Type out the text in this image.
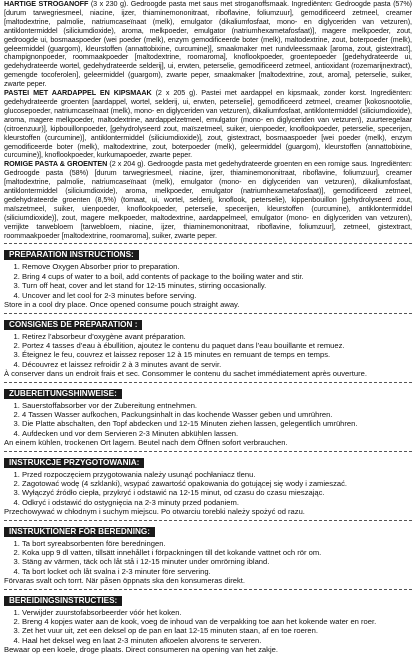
HARTIGE STROGANOFF (3 x 230 g). Gedroogde pasta met saus met stroganoffsmaak. Ingrediënten: Gedroogde pasta (57%) [durum tarwegriesmeel, niacine, ijzer, thiaminemononitraat, riboflavine, foliumzuur], gemodificeerd zetmeel, creamer [maltodextrine, palmolie, natriumcaseïnaat (melk), emulgator (dikaliumfosfaat, mono- en diglyceriden van vetzuren), antiklontermiddel (siliciumdioxide), aroma, melkpoeder, emulgator (natriumhexametafosfaat)], magere melkpoeder, zout, gedroogde ui, bosmaaspoeder (wei poeder (melk), enzym gemodificeerde boter (melk), maltodextrine, zout, boterpoeder (melk), geleermiddel (guargom), kleurstoffen (annattobixine, curcumine)], smaakmaker met rundvleessmaak [aroma, zout, gistextract], champignonpoeder, roommaakpoeder [maltodextrine, roomaroma], knoflookpoeder, groentepoeder [gedehydrateerde ui, gedehydrateerde wortel, gedehydrateerde selderij], ui, erwten, peterselie, gemodificeerd zetmeel, antioxidant (rozemarijnextract), gemengde tocoferolen], geleermiddel (guargom), zwarte peper, smaakmaker [maltodextrine, zout, aroma], peterselie, suiker, zwarte peper.

PASTEI MET AARDAPPEL EN KIPSMAAK (2 x 205 g). Pastei met aardappel en kipsmaak, zonder korst. Ingrediënten: gedehydrateerde groenten [aardappel, wortel, selderij, ui, erwten, peterselie], gemodificeerd zetmeel, creamer [kokosnootolie, glucosepoeder, natriumcaseïnaat (melk), mono- en diglyceriden van vetzuren), dikaliumfosfaat, antiklontermiddel (siliciumdioxide), aroma, magere melkpoeder, maltodextrine, aardappelzetmeel, emulgator (mono- en diglyceriden van vetzuren), zuurteregelaar (citroenzuur)], kipbouillonpoeder, [gehydrolyseerd zout, maïszetmeel, suiker, uienpoeder, knoflookpoeder, peterselie, specerijen, kleurstoffen (curcumine)], antiklontermiddel (siliciumdioxide)], zout, gistextract, bosmaaspoeder [wei poeder (melk), enzym gemodificeerde boter (melk), maltodextrine, zout, boterpoeder (melk), geleermiddel (guargom), kleurstoffen (annattobixine, curcumine)], knoflookpoeder, kurkumapoeder, zwarte peper.

ROMIGE PASTA & GROENTEN (2 x 204 g). Gedroogde pasta met gedehydrateerde groenten en een romige saus. Ingrediënten: Gedroogde pasta (58%) [durum tarwegriesmeel, niacine, ijzer, thiaminemononitraat, riboflavine, foliumzuur], creamer [maltodextrine, palmolie, natriumcaseïnaat (melk), emulgator (mono- en diglyceriden van vetzuren), dikaliumfosfaat, antiklontermiddel (siliciumdioxide), aroma, melkpoeder, emulgator (natriumhexametafosfaat)], gemodificeerd zetmeel, gedehydrateerde groenten (8,5%) (tomaat, ui, wortel, selderij, knoflook, peterselie), kippenbouillon [gehydrolyseerd zout, maïszetmeel, suiker, uienpoeder, knoflookpoeder, peterselie, specerijen, kleurstoffen (curcumine), antiklontermiddel (siliciumdioxide)], zout, magere melkpoeder, maltodextrine, aardappelmeel, emulgator (mono- en diglyceriden van vetzuren), verrijkte tarwebloem [tarwebloem, niacine, ijzer, thiaminemononitraat, riboflavine, foliumzuur], zetmeel, gistextract, roommaakpoeder [maltodextrine, roomaroma], suiker, zwarte peper.

PREPARATION INSTRUCTIONS:
1. Remove Oxygen Absorber prior to preparation.
2. Bring 4 cups of water to a boil, add contents of package to the boiling water and stir.
3. Turn off heat, cover and let stand for 12-15 minutes, stirring occasionally.
4. Uncover and let cool for 2-3 minutes before serving.

Store in a cool dry place. Once opened consume pouch straight away.

CONSIGNES DE PRÉPARATION :
1. Retirez l’absorbeur d’oxygène avant préparation.
2. Portez 4 tasses d’eau à ébullition, ajoutez le contenu du paquet dans l’eau bouillante et remuez.
3. Éteignez le feu, couvrez et laissez reposer 12 à 15 minutes en remuant de temps en temps.
4. Découvrez et laissez refroidir 2 à 3 minutes avant de servir.

À conserver dans un endroit frais et sec. Consommer le contenu du sachet immédiatement après ouverture.

ZUBEREITUNGSHINWEISE:
1. Sauerstoffabsorber vor der Zubereitung entnehmen.
2. 4 Tassen Wasser aufkochen, Packungsinhalt in das kochende Wasser geben und umrühren.
3. Die Platte abschalten, den Topf abdecken und 12-15 Minuten ziehen lassen, gelegentlich umrühren.
4. Aufdecken und vor dem Servieren 2-3 Minuten abkühlen lassen.

An einem kühlen, trockenen Ort lagern. Beutel nach dem Öffnen sofort verbrauchen.

INSTRUKCJE PRZYGOTOWANIA:
1. Przed rozpoczęciem przygotowania należy usunąć pochłaniacz tlenu.
2. Zagotować wodę (4 szklanki), wsypać zawartość opakowania do gotującej się wody i zamieszać.
3. Wyłączyć źródło ciepła, przykryć i odstawić na 12-15 minut, od czasu do czasu mieszając.
4. Odkryć i odstawić do ostygnięcia na 2-3 minuty przed podaniem.

Przechowywać w chłodnym i suchym miejscu. Po otwarciu torebki należy spożyć od razu.

INSTRUKTIONER FÖR BEREDNING:
1. Ta bort syreabsorbenten före beredningen.
2. Koka upp 9 dl vatten, tillsätt innehållet i förpackningen till det kokande vattnet och rör om.
3. Stäng av värmen, täck och låt stå i 12-15 minuter under omrörning ibland.
4. Ta bort locket och låt svalna i 2-3 minuter före servering.

Förvaras svalt och torrt. När påsen öppnats ska den konsumeras direkt.

BEREIDINGSINSTRUCTIES:
1. Verwijder zuurstofabsorbeerder vóór het koken.
2. Breng 4 kopjes water aan de kook, voeg de inhoud van de verpakking toe aan het kokende water en roer.
3. Zet het vuur uit, zet een deksel op de pan en laat 12-15 minuten staan, af en toe roeren.
4. Haal het deksel weg en laat 2-3 minuten afkoelen alvorens te serveren.

Bewaar op een koele, droge plaats. Direct consumeren na opening van het zakje.
